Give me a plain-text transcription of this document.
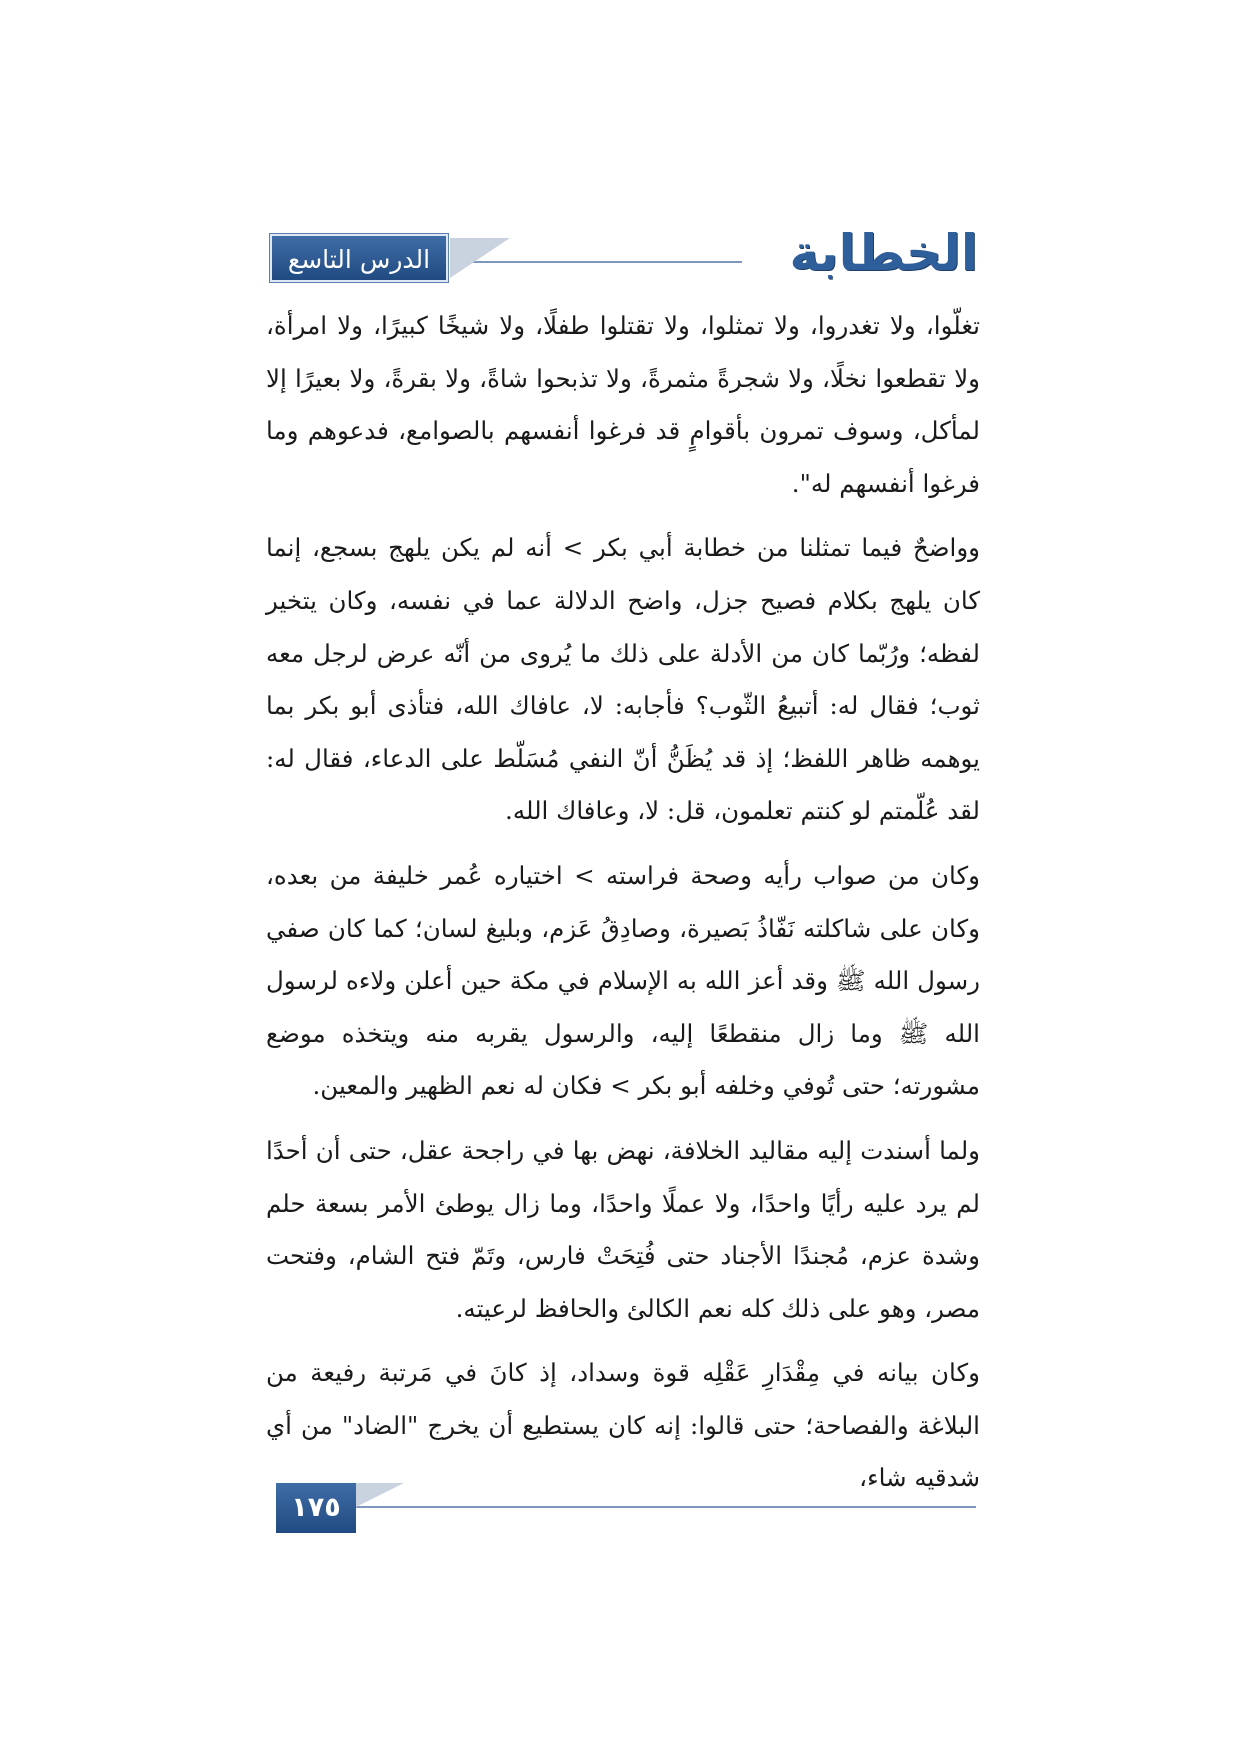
الدرس التاسع	الخطابة

تغلّوا، ولا تغدروا، ولا تمثلوا، ولا تقتلوا طفلًا، ولا شيخًا كبيرًا، ولا امرأة، ولا تقطعوا نخلًا، ولا شجرةً مثمرةً، ولا تذبحوا شاةً، ولا بقرةً، ولا بعيرًا إلا لمأكل، وسوف تمرون بأقوامٍ قد فرغوا أنفسهم بالصوامع، فدعوهم وما فرغوا أنفسهم له".

وواضحٌ فيما تمثلنا من خطابة أبي بكر > أنه لم يكن يلهج بسجع، إنما كان يلهج بكلام فصيح جزل، واضح الدلالة عما في نفسه، وكان يتخير لفظه؛ ورُبّما كان من الأدلة على ذلك ما يُروى من أنّه عرض لرجل معه ثوب؛ فقال له: أتبيعُ الثّوب؟ فأجابه: لا، عافاك الله، فتأذى أبو بكر بما يوهمه ظاهر اللفظ؛ إذ قد يُظَنُّ أنّ النفي مُسَلّط على الدعاء، فقال له: لقد عُلّمتم لو كنتم تعلمون، قل: لا، وعافاك الله.

وكان من صواب رأيه وصحة فراسته > اختياره عُمر خليفة من بعده، وكان على شاكلته نَفّاذُ بَصيرة، وصادِقُ عَزم، وبليغ لسان؛ كما كان صفي رسول الله ﷺ وقد أعز الله به الإسلام في مكة حين أعلن ولاءه لرسول الله ﷺ وما زال منقطعًا إليه، والرسول يقربه منه ويتخذه موضع مشورته؛ حتى تُوفي وخلفه أبو بكر > فكان له نعم الظهير والمعين.

ولما أسندت إليه مقاليد الخلافة، نهض بها في راجحة عقل، حتى أن أحدًا لم يرد عليه رأيًا واحدًا، ولا عملًا واحدًا، وما زال يوطئ الأمر بسعة حلم وشدة عزم، مُجندًا الأجناد حتى فُتِحَتْ فارس، وتَمّ فتح الشام، وفتحت مصر، وهو على ذلك كله نعم الكالئ والحافظ لرعيته.

وكان بيانه في مِقْدَارِ عَقْلِه قوة وسداد، إذ كانَ في مَرتبة رفيعة من البلاغة والفصاحة؛ حتى قالوا: إنه كان يستطيع أن يخرج "الضاد" من أي شدقيه شاء،

١٧٥
